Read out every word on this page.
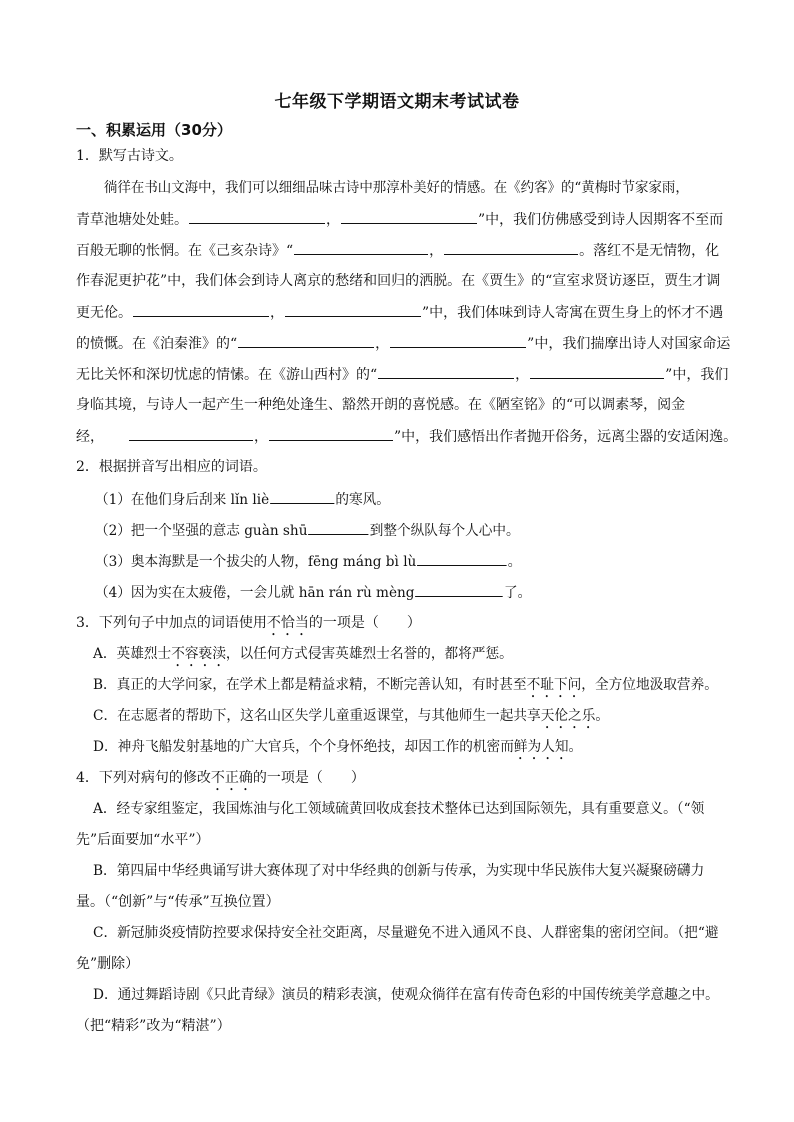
七年级下学期语文期末考试试卷
一、积累运用（30分）
1．默写古诗文。
徜徉在书山文海中，我们可以细细品味古诗中那淳朴美好的情感。在《约客》的“黄梅时节家家雨，
青草池塘处处蛙。	，	”中，我们仿佛感受到诗人因期客不至而
百般无聊的怅惘。在《己亥杂诗》“	，	。落红不是无情物，化
作春泥更护花”中，我们体会到诗人离京的愁绪和回归的洒脱。在《贾生》的“宣室求贤访逐臣，贾生才调
更无伦。	，	”中，我们体味到诗人寄寓在贾生身上的怀才不遇
的愤慨。在《泊秦淮》的“	，	”中，我们揣摩出诗人对国家命运
无比关怀和深切忧虑的情愫。在《游山西村》的“	，	”中，我们
身临其境，与诗人一起产生一种绝处逢生、豁然开朗的喜悦感。在《陋室铭》的“可以调素琴，阅金
经，	，	”中，我们感悟出作者抛开俗务，远离尘器的安适闲逸。
2．根据拼音写出相应的词语。
（1）在他们身后刮来 lǐn liè	的寒风。
（2）把一个坚强的意志 guàn shū	到整个纵队每个人心中。
（3）奥本海默是一个拔尖的人物，fēng máng bì lù	。
（4）因为实在太疲倦，一会儿就 hān rán rù mèng	了。
3．下列句子中加点的词语使用不恰当的一项是（　　）
A．英雄烈士不容亵渎，以任何方式侵害英雄烈士名誉的，都将严惩。
B．真正的大学问家，在学术上都是精益求精，不断完善认知，有时甚至不耻下问，全方位地汲取营养。
C．在志愿者的帮助下，这名山区失学儿童重返课堂，与其他师生一起共享天伦之乐。
D．神舟飞船发射基地的广大官兵，个个身怀绝技，却因工作的机密而鲜为人知。
4．下列对病句的修改不正确的一项是（　　）
A．经专家组鉴定，我国炼油与化工领域硫黄回收成套技术整体已达到国际领先，具有重要意义。（“领
先”后面要加“水平”）
B．第四届中华经典诵写讲大赛体现了对中华经典的创新与传承，为实现中华民族伟大复兴凝聚磅礴力
量。（“创新”与“传承”互换位置）
C．新冠肺炎疫情防控要求保持安全社交距离，尽量避免不进入通风不良、人群密集的密闭空间。（把“避
免”删除）
D．通过舞蹈诗剧《只此青绿》演员的精彩表演，使观众徜徉在富有传奇色彩的中国传统美学意趣之中。
（把“精彩”改为“精湛”）
